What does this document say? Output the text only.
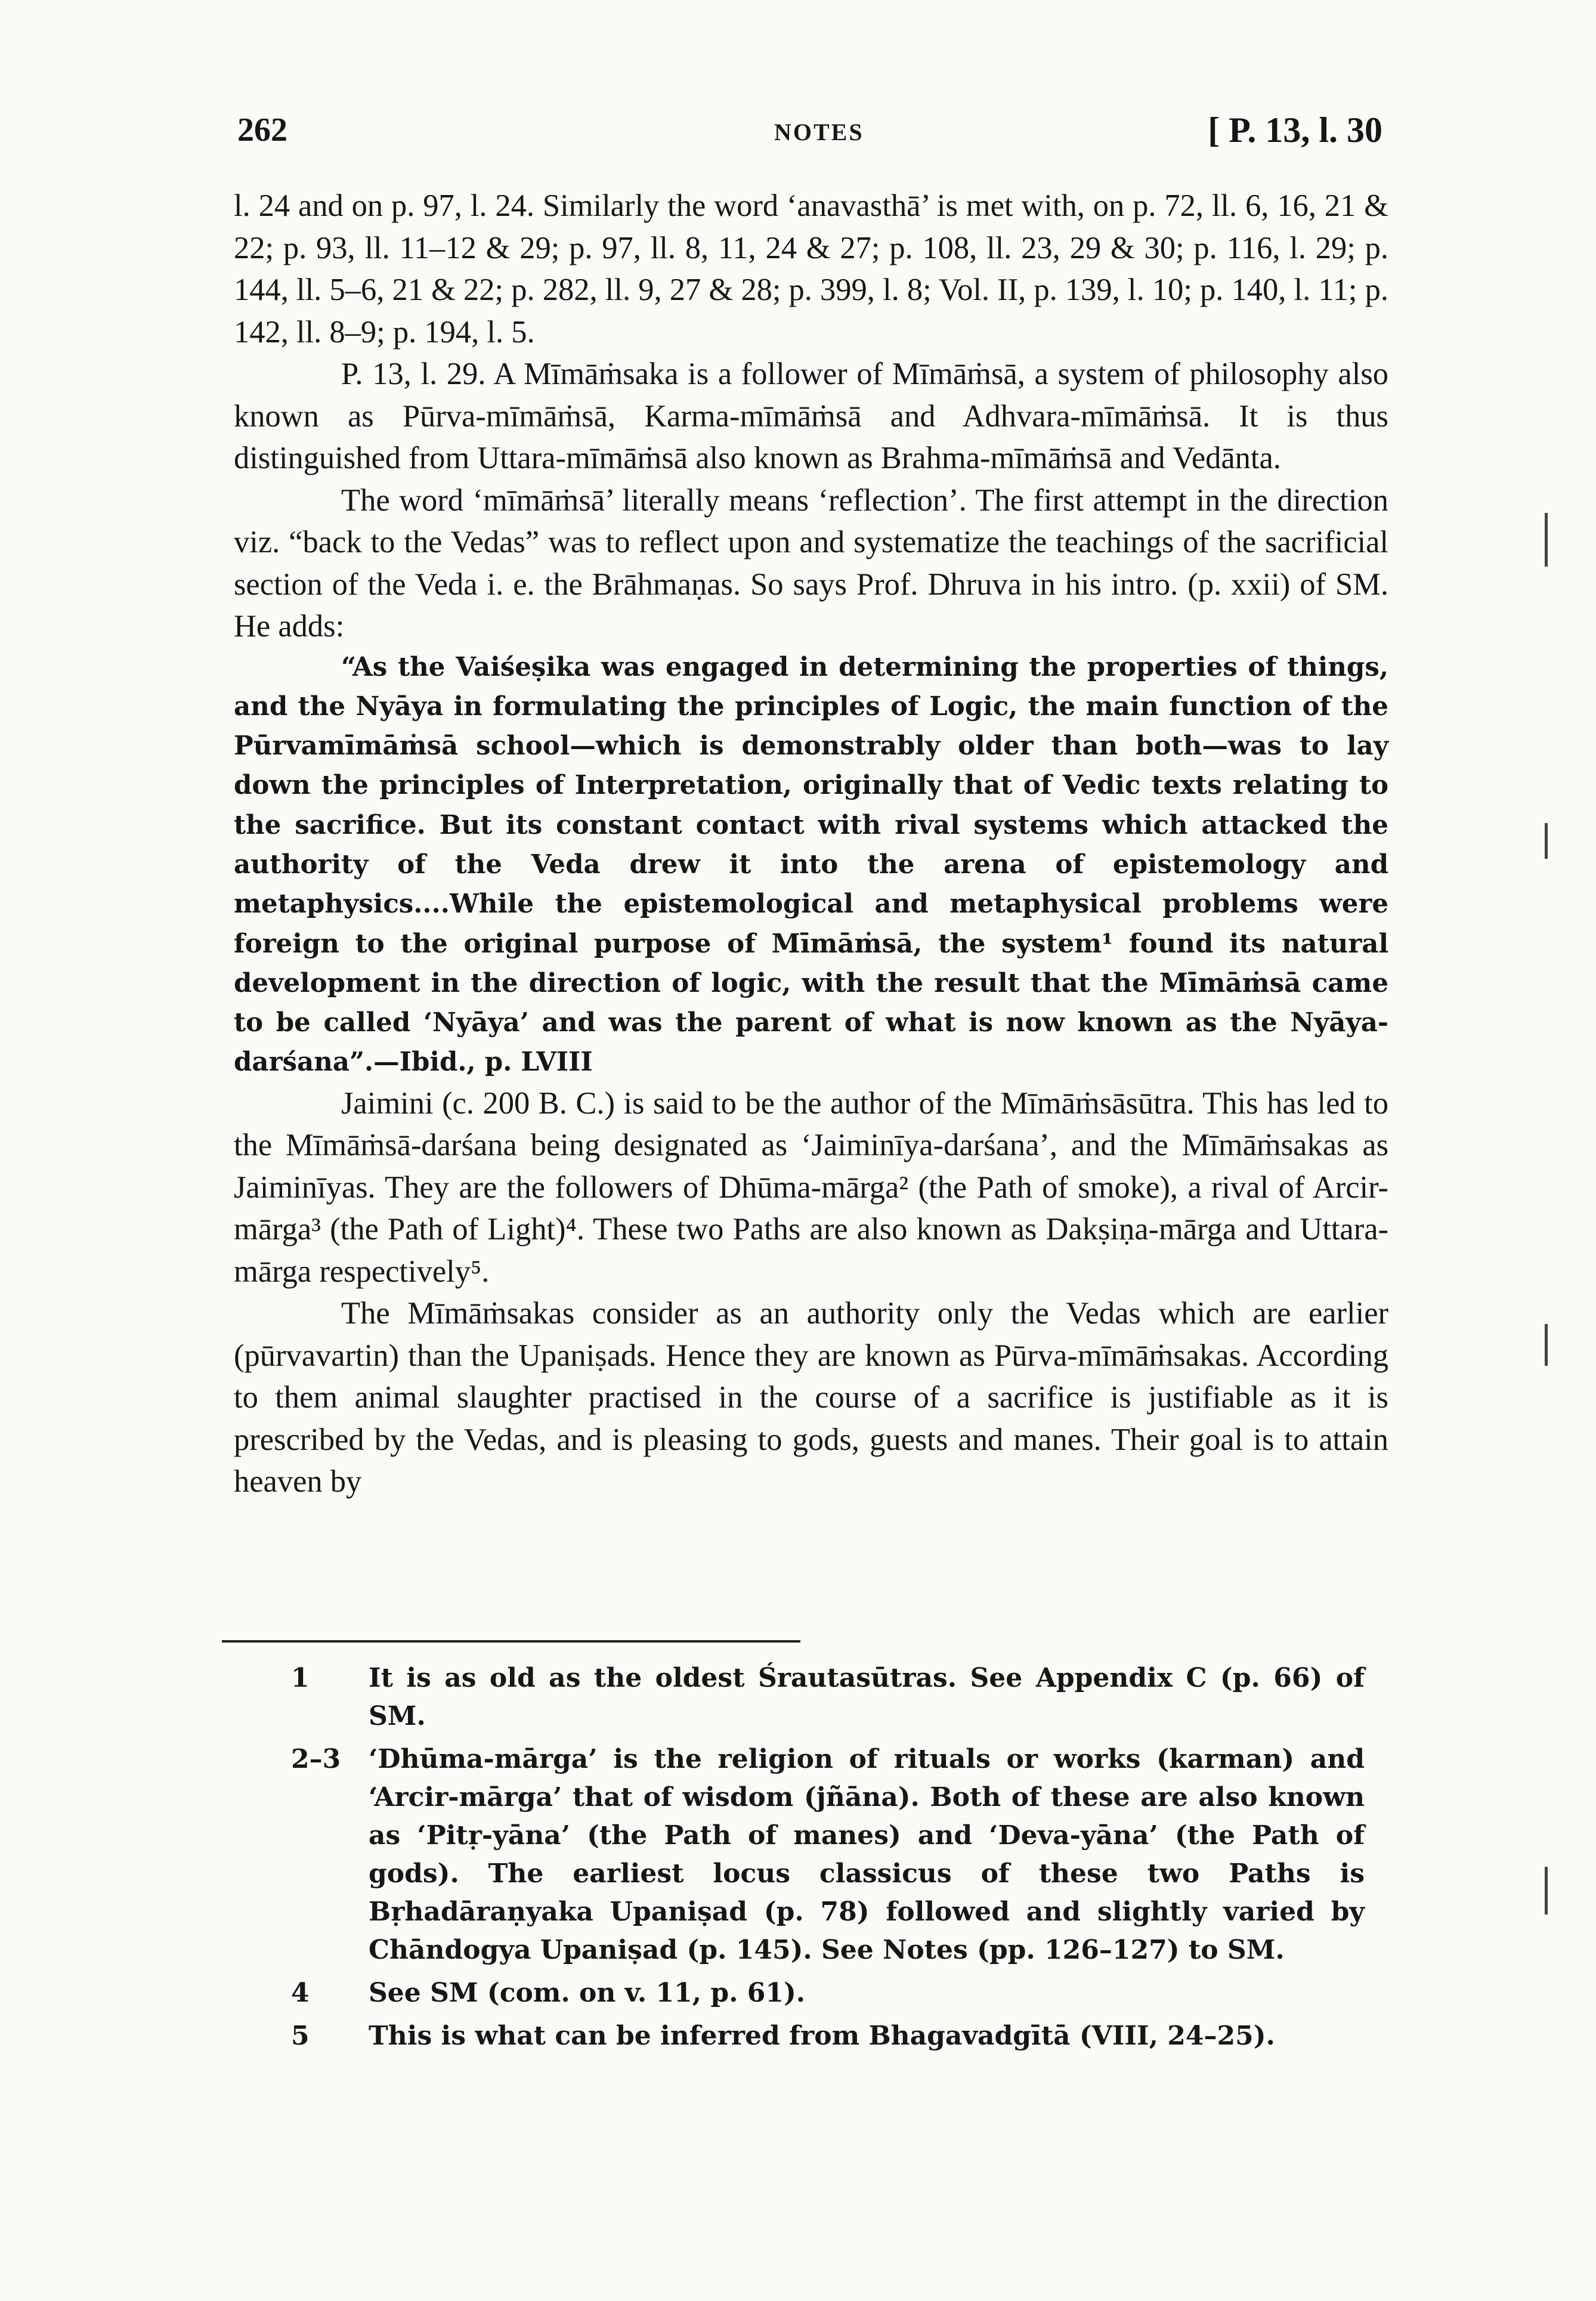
262	NOTES	[ P. 13, l. 30

l. 24 and on p. 97, l. 24. Similarly the word ‘anavasthā’ is met with, on p. 72, ll. 6, 16, 21 & 22; p. 93, ll. 11–12 & 29; p. 97, ll. 8, 11, 24 & 27; p. 108, ll. 23, 29 & 30; p. 116, l. 29; p. 144, ll. 5–6, 21 & 22; p. 282, ll. 9, 27 & 28; p. 399, l. 8; Vol. II, p. 139, l. 10; p. 140, l. 11; p. 142, ll. 8–9; p. 194, l. 5.

P. 13, l. 29. A Mīmāṁsaka is a follower of Mīmāṁsā, a system of philosophy also known as Pūrva-mīmāṁsā, Karma-mīmāṁsā and Adhvara-mīmāṁsā. It is thus distinguished from Uttara-mīmāṁsā also known as Brahma-mīmāṁsā and Vedānta.

The word ‘mīmāṁsā’ literally means ‘reflection’. The first attempt in the direction viz. “back to the Vedas” was to reflect upon and systematize the teachings of the sacrificial section of the Veda i. e. the Brāhmaṇas. So says Prof. Dhruva in his intro. (p. xxii) of SM. He adds:

“As the Vaiśeṣika was engaged in determining the properties of things, and the Nyāya in formulating the principles of Logic, the main function of the Pūrvamīmāṁsā school—which is demonstrably older than both—was to lay down the principles of Interpretation, originally that of Vedic texts relating to the sacrifice. But its constant contact with rival systems which attacked the authority of the Veda drew it into the arena of epistemology and metaphysics....While the epistemological and metaphysical problems were foreign to the original purpose of Mīmāṁsā, the system¹ found its natural development in the direction of logic, with the result that the Mīmāṁsā came to be called ‘Nyāya’ and was the parent of what is now known as the Nyāya-darśana”.—Ibid., p. LVIII

Jaimini (c. 200 B. C.) is said to be the author of the Mīmāṁsāsūtra. This has led to the Mīmāṁsā-darśana being designated as ‘Jaiminīya-darśana’, and the Mīmāṁsakas as Jaiminīyas. They are the followers of Dhūma-mārga² (the Path of smoke), a rival of Arcir-mārga³ (the Path of Light)⁴. These two Paths are also known as Dakṣiṇa-mārga and Uttara-mārga respectively⁵.

The Mīmāṁsakas consider as an authority only the Vedas which are earlier (pūrvavartin) than the Upaniṣads. Hence they are known as Pūrva-mīmāṁsakas. According to them animal slaughter practised in the course of a sacrifice is justifiable as it is prescribed by the Vedas, and is pleasing to gods, guests and manes. Their goal is to attain heaven by

1	It is as old as the oldest Śrautasūtras. See Appendix C (p. 66) of SM.
2–3	‘Dhūma-mārga’ is the religion of rituals or works (karman) and ‘Arcir-mārga’ that of wisdom (jñāna). Both of these are also known as ‘Pitṛ-yāna’ (the Path of manes) and ‘Deva-yāna’ (the Path of gods). The earliest locus classicus of these two Paths is Bṛhadāraṇyaka Upaniṣad (p. 78) followed and slightly varied by Chāndogya Upaniṣad (p. 145). See Notes (pp. 126–127) to SM.
4	See SM (com. on v. 11, p. 61).
5	This is what can be inferred from Bhagavadgītā (VIII, 24–25).
